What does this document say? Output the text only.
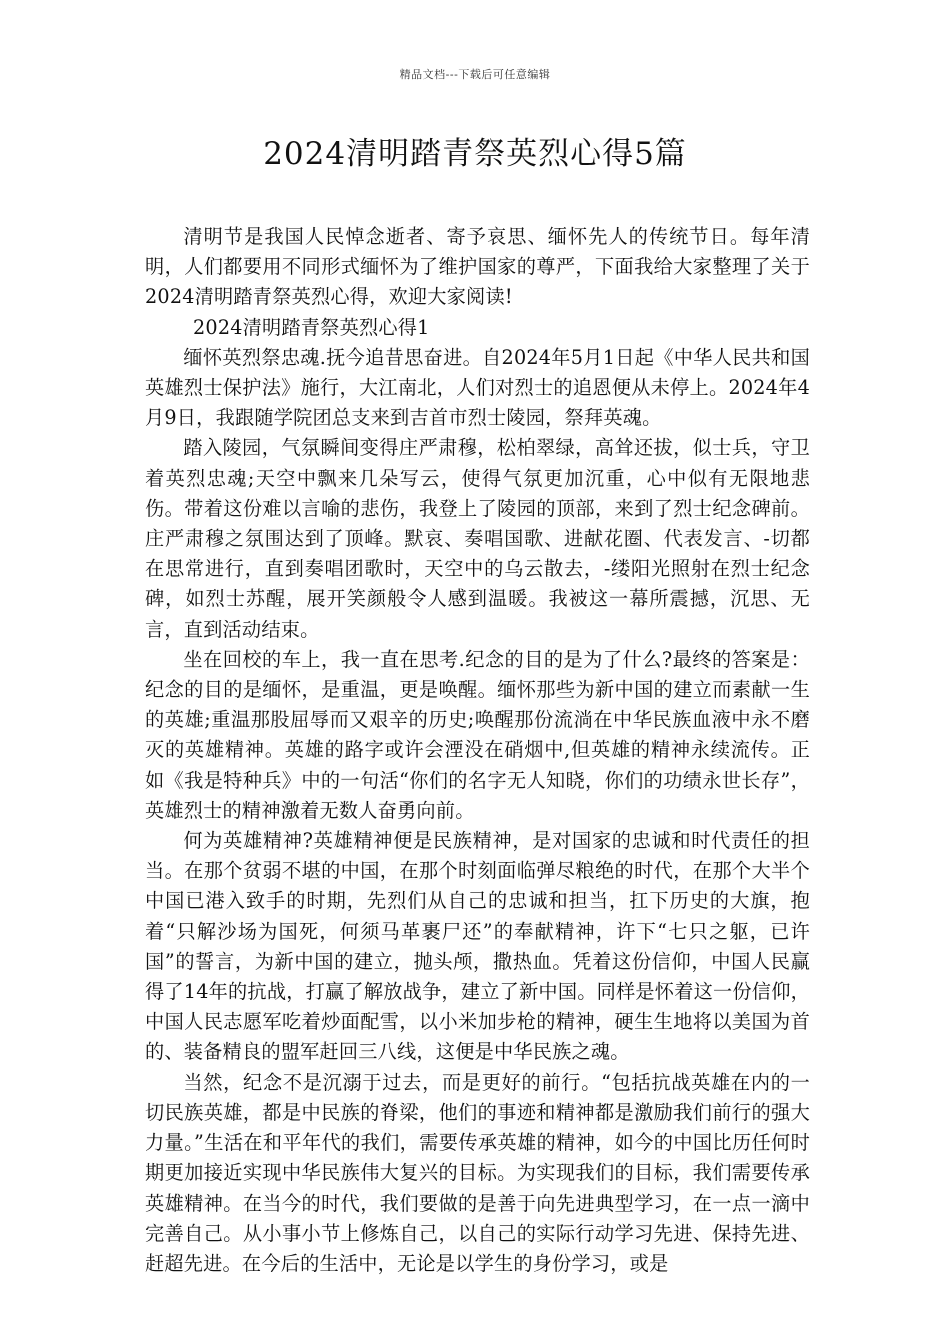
精品文档---下载后可任意编辑
2024清明踏青祭英烈心得5篇

清明节是我国人民悼念逝者、寄予哀思、缅怀先人的传统节日。每年清明，人们都要用不同形式缅怀为了维护国家的尊严，下面我给大家整理了关于2024清明踏青祭英烈心得，欢迎大家阅读!

2024清明踏青祭英烈心得1

缅怀英烈祭忠魂.抚今追昔思奋进。自2024年5月1日起《中华人民共和国英雄烈士保护法》施行，大江南北，人们对烈士的追恩便从未停上。2024年4月9日，我跟随学院团总支来到吉首市烈士陵园，祭拜英魂。

踏入陵园，气氛瞬间变得庄严肃穆，松柏翠绿，高耸还拔，似士兵，守卫着英烈忠魂;天空中飘来几朵写云，使得气氛更加沉重，心中似有无限地悲伤。带着这份难以言喻的悲伤，我登上了陵园的顶部，来到了烈士纪念碑前。庄严肃穆之氛围达到了顶峰。默哀、奏唱国歌、进献花圈、代表发言、-切都在思常进行，直到奏唱团歌时，天空中的乌云散去，-缕阳光照射在烈士纪念碑，如烈士苏醒，展开笑颜般令人感到温暖。我被这一幕所震撼，沉思、无言，直到活动结束。

坐在回校的车上，我一直在思考.纪念的目的是为了什么?最终的答案是：纪念的目的是缅怀，是重温，更是唤醒。缅怀那些为新中国的建立而素献一生的英雄;重温那股屈辱而又艰辛的历史;唤醒那份流淌在中华民族血液中永不磨灭的英雄精神。英雄的路字或许会湮没在硝烟中,但英雄的精神永续流传。正如《我是特种兵》中的一句活“你们的名字无人知晓，你们的功绩永世长存”，英雄烈士的精神激着无数人奋勇向前。

何为英雄精神?英雄精神便是民族精神，是对国家的忠诚和时代责任的担当。在那个贫弱不堪的中国，在那个时刻面临弹尽粮绝的时代，在那个大半个中国已港入致手的时期，先烈们从自己的忠诚和担当，扛下历史的大旗，抱着“只解沙场为国死，何须马革裹尸还”的奉献精神，许下“七只之躯，已许国”的誓言，为新中国的建立，抛头颅，撒热血。凭着这份信仰，中国人民赢得了14年的抗战，打赢了解放战争，建立了新中国。同样是怀着这一份信仰，中国人民志愿军吃着炒面配雪，以小米加步枪的精神，硬生生地将以美国为首的、装备精良的盟军赶回三八线，这便是中华民族之魂。

当然，纪念不是沉溺于过去，而是更好的前行。“包括抗战英雄在内的一切民族英雄，都是中民族的脊梁，他们的事迹和精神都是激励我们前行的强大力量。”生活在和平年代的我们，需要传承英雄的精神，如今的中国比历任何时期更加接近实现中华民族伟大复兴的目标。为实现我们的目标，我们需要传承英雄精神。在当今的时代，我们要做的是善于向先进典型学习，在一点一滴中完善自己。从小事小节上修炼自己，以自己的实际行动学习先进、保持先进、赶超先进。在今后的生活中，无论是以学生的身份学习，或是
